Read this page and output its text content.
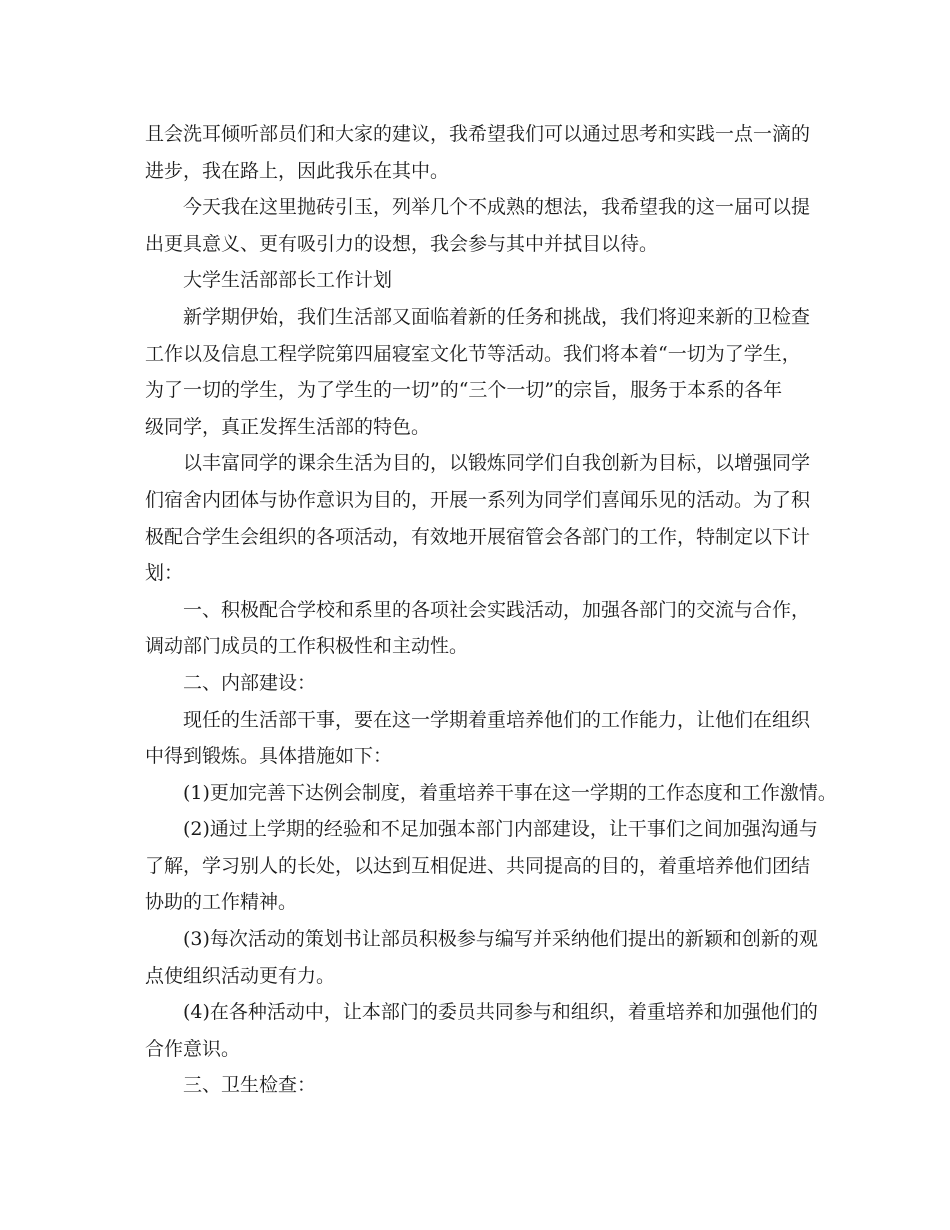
且会洗耳倾听部员们和大家的建议，我希望我们可以通过思考和实践一点一滴的
进步，我在路上，因此我乐在其中。

今天我在这里抛砖引玉，列举几个不成熟的想法，我希望我的这一届可以提
出更具意义、更有吸引力的设想，我会参与其中并拭目以待。

大学生活部部长工作计划

新学期伊始，我们生活部又面临着新的任务和挑战，我们将迎来新的卫检查
工作以及信息工程学院第四届寝室文化节等活动。我们将本着“一切为了学生，
为了一切的学生，为了学生的一切”的“三个一切”的宗旨，服务于本系的各年
级同学，真正发挥生活部的特色。

以丰富同学的课余生活为目的，以锻炼同学们自我创新为目标，以增强同学
们宿舍内团体与协作意识为目的，开展一系列为同学们喜闻乐见的活动。为了积
极配合学生会组织的各项活动，有效地开展宿管会各部门的工作，特制定以下计
划：

一、积极配合学校和系里的各项社会实践活动，加强各部门的交流与合作，
调动部门成员的工作积极性和主动性。

二、内部建设：

现任的生活部干事，要在这一学期着重培养他们的工作能力，让他们在组织
中得到锻炼。具体措施如下：

(1)更加完善下达例会制度，着重培养干事在这一学期的工作态度和工作激情。

(2)通过上学期的经验和不足加强本部门内部建设，让干事们之间加强沟通与
了解，学习别人的长处，以达到互相促进、共同提高的目的，着重培养他们团结
协助的工作精神。

(3)每次活动的策划书让部员积极参与编写并采纳他们提出的新颖和创新的观
点使组织活动更有力。

(4)在各种活动中，让本部门的委员共同参与和组织，着重培养和加强他们的
合作意识。

三、卫生检查：
